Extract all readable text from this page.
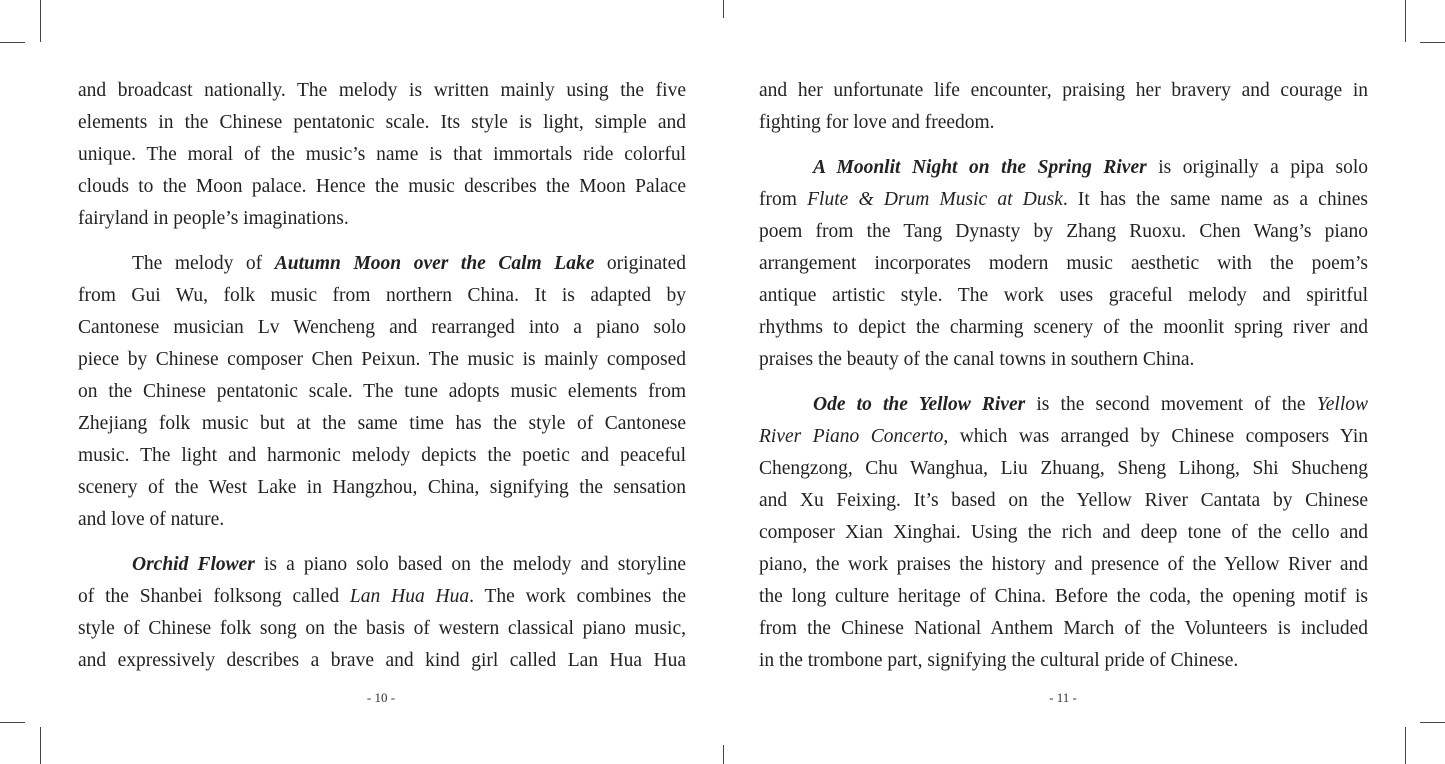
and broadcast nationally. The melody is written mainly using the five
elements in the Chinese pentatonic scale. Its style is light, simple and
unique. The moral of the music’s name is that immortals ride colorful
clouds to the Moon palace. Hence the music describes the Moon Palace
fairyland in people’s imaginations.
The melody of Autumn Moon over the Calm Lake originated
from Gui Wu, folk music from northern China. It is adapted by
Cantonese musician Lv Wencheng and rearranged into a piano solo
piece by Chinese composer Chen Peixun. The music is mainly composed
on the Chinese pentatonic scale. The tune adopts music elements from
Zhejiang folk music but at the same time has the style of Cantonese
music. The light and harmonic melody depicts the poetic and peaceful
scenery of the West Lake in Hangzhou, China, signifying the sensation
and love of nature.
Orchid Flower is a piano solo based on the melody and storyline
of the Shanbei folksong called Lan Hua Hua. The work combines the
style of Chinese folk song on the basis of western classical piano music,
and expressively describes a brave and kind girl called Lan Hua Hua
and her unfortunate life encounter, praising her bravery and courage in
fighting for love and freedom.
A Moonlit Night on the Spring River is originally a pipa solo
from Flute & Drum Music at Dusk. It has the same name as a chines
poem from the Tang Dynasty by Zhang Ruoxu. Chen Wang’s piano
arrangement incorporates modern music aesthetic with the poem’s
antique artistic style. The work uses graceful melody and spiritful
rhythms to depict the charming scenery of the moonlit spring river and
praises the beauty of the canal towns in southern China.
Ode to the Yellow River is the second movement of the Yellow
River Piano Concerto, which was arranged by Chinese composers Yin
Chengzong, Chu Wanghua, Liu Zhuang, Sheng Lihong, Shi Shucheng
and Xu Feixing. It’s based on the Yellow River Cantata by Chinese
composer Xian Xinghai. Using the rich and deep tone of the cello and
piano, the work praises the history and presence of the Yellow River and
the long culture heritage of China. Before the coda, the opening motif is
from the Chinese National Anthem March of the Volunteers is included
in the trombone part, signifying the cultural pride of Chinese.
- 10 -	- 11 -
